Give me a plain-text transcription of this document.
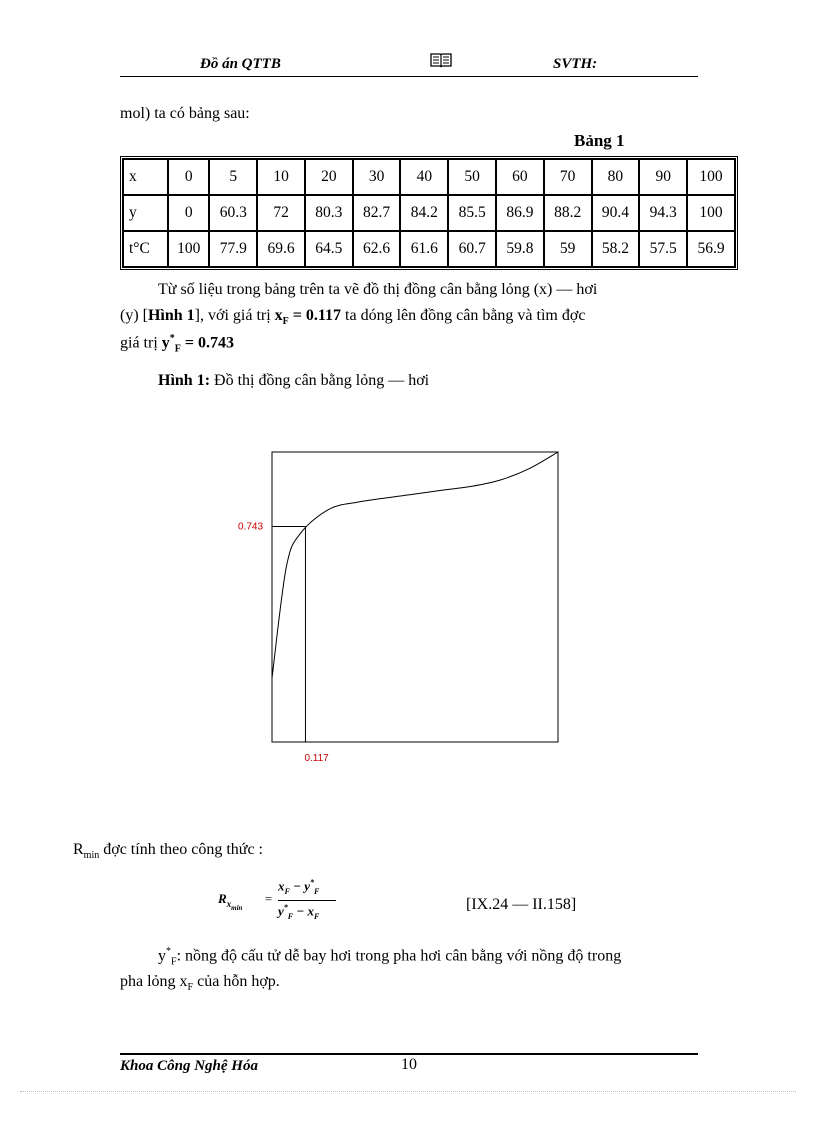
Đồ án QTTB	SVTH:
mol) ta có bảng sau:
Bảng 1
x	0	5	10	20	30	40	50	60	70	80	90	100
y	0	60.3	72	80.3	82.7	84.2	85.5	86.9	88.2	90.4	94.3	100
t°C	100	77.9	69.6	64.5	62.6	61.6	60.7	59.8	59	58.2	57.5	56.9
Từ số liệu trong bảng trên ta vẽ đồ thị đồng cân bằng lỏng (x) — hơi
(y) [Hình 1], với giá trị $x_F = 0.117$ ta dóng lên đồng cân bằng và tìm đợc
giá trị $y^*_F = 0.743$
Hình 1: Đồ thị đồng cân bằng lỏng — hơi
0.743
0.117
$R_{min}$ đợc tính theo công thức :
$R_{x_{min}}$
=
$x_F - y^*_F$
$y^*_F - x_F$
[IX.24 — II.158]
$y^*_F$: nồng độ cấu tử dễ bay hơi trong pha hơi cân bằng với nồng độ trong
pha lỏng $x_F$ của hỗn hợp.
Khoa Công Nghệ Hóa	10
